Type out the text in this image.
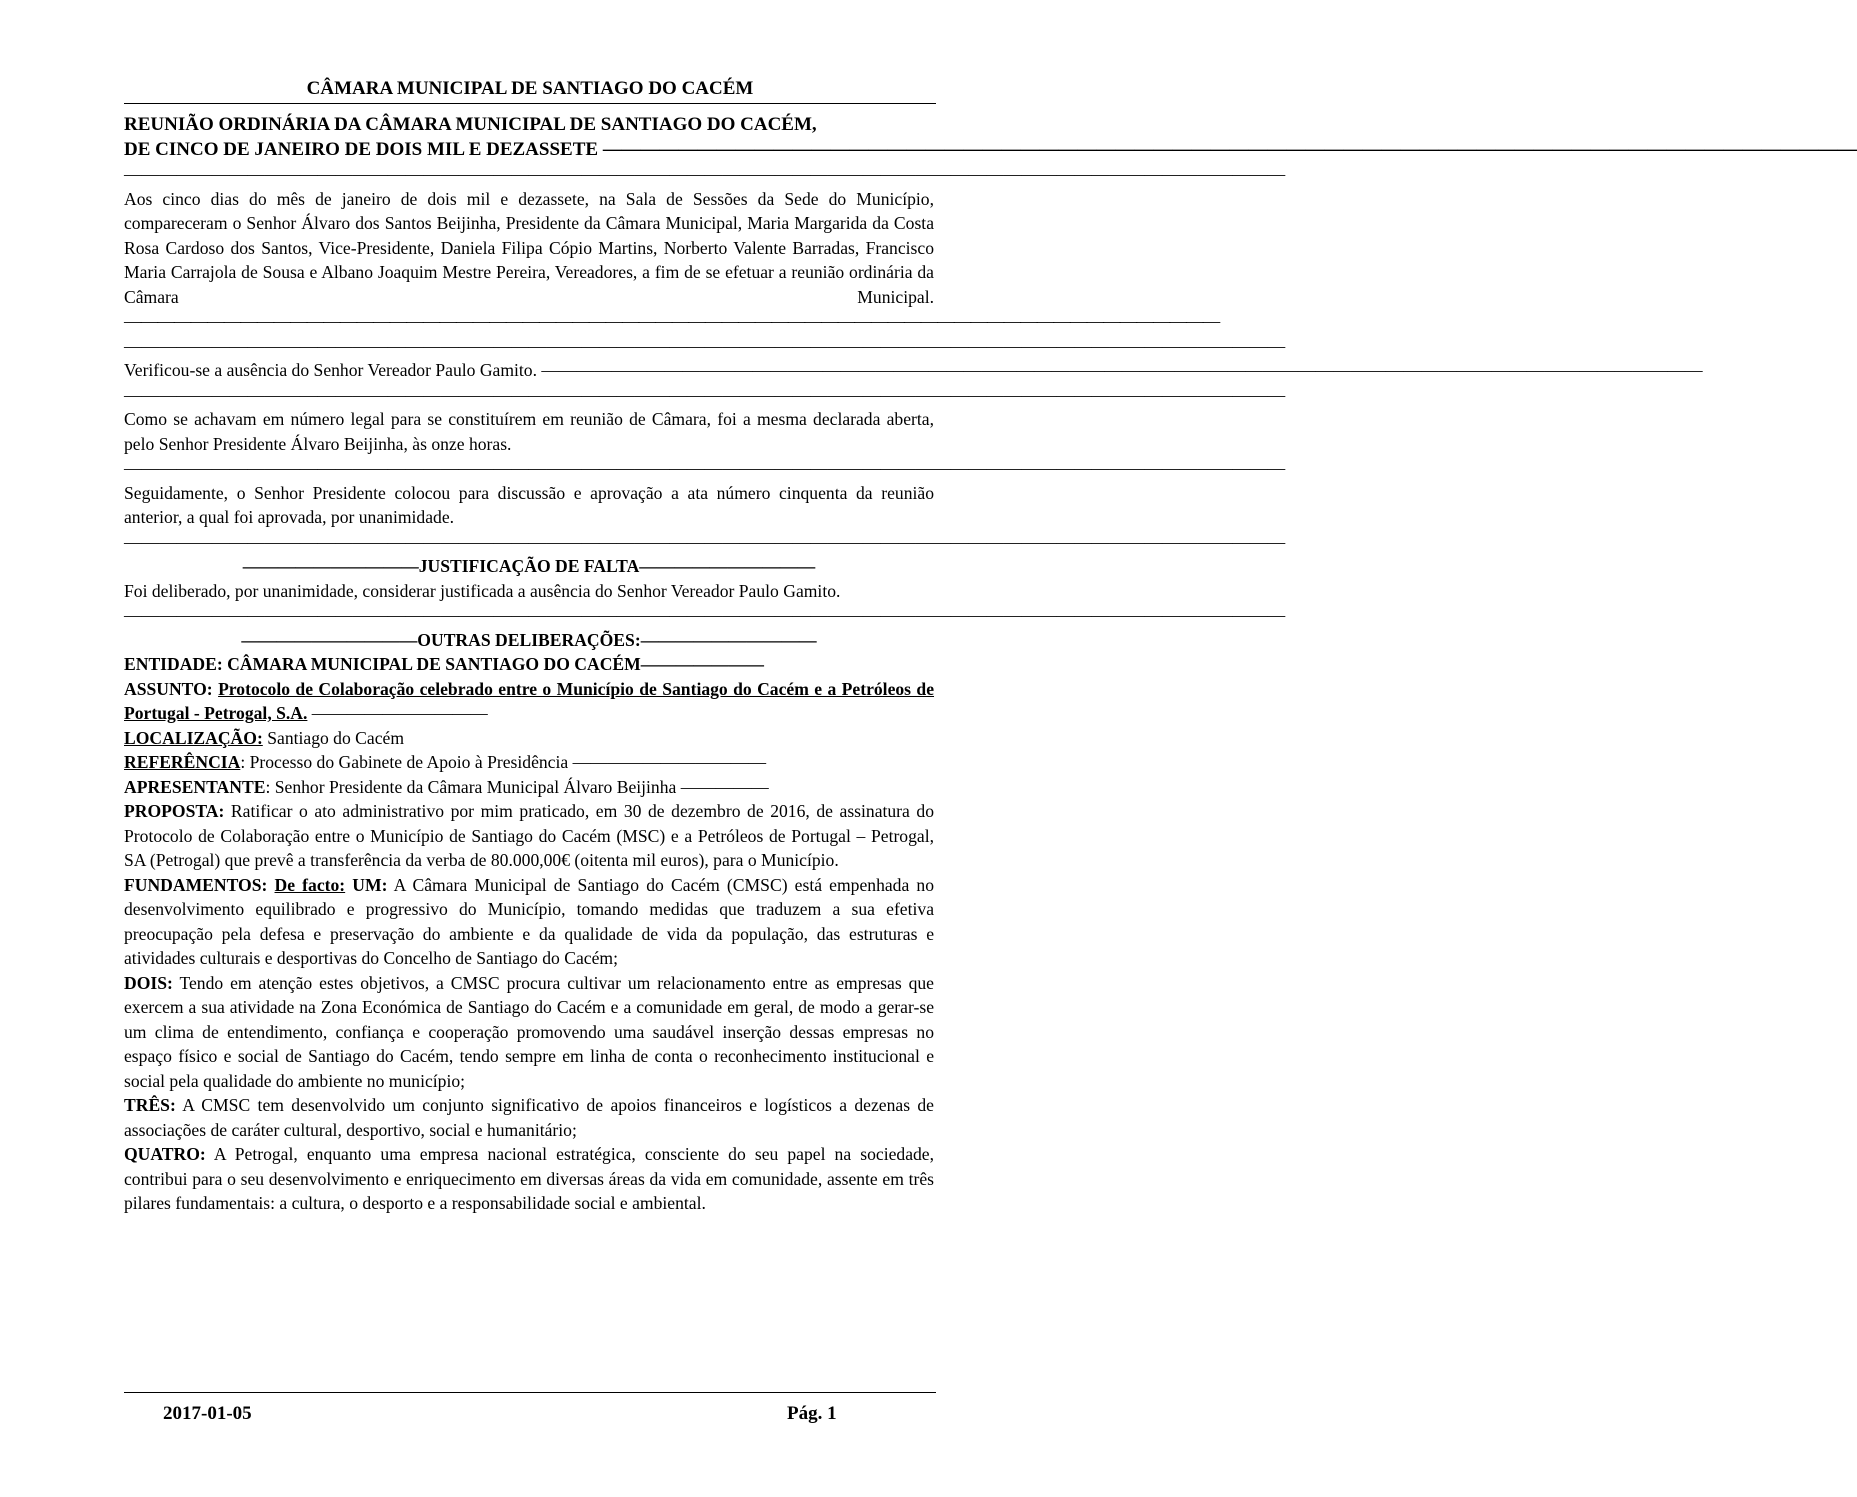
CÂMARA MUNICIPAL DE SANTIAGO DO CACÉM

REUNIÃO ORDINÁRIA DA CÂMARA MUNICIPAL DE SANTIAGO DO CACÉM,

DE CINCO DE JANEIRO DE DOIS MIL E DEZASSETE ——————————————————————————————————————————————————————————————————

——————————————————————————————————————————————————————————————————

Aos cinco dias do mês de janeiro de dois mil e dezassete, na Sala de Sessões da Sede do Município, compareceram o Senhor Álvaro dos Santos Beijinha, Presidente da Câmara Municipal, Maria Margarida da Costa Rosa Cardoso dos Santos, Vice-Presidente, Daniela Filipa Cópio Martins, Norberto Valente Barradas, Francisco Maria Carrajola de Sousa e Albano Joaquim Mestre Pereira, Vereadores, a fim de se efetuar a reunião ordinária da Câmara Municipal. ——————————————————————————————————————————————————————————————————

——————————————————————————————————————————————————————————————————

Verificou-se a ausência do Senhor Vereador Paulo Gamito. ——————————————————————————————————————————————————————————————————

——————————————————————————————————————————————————————————————————

Como se achavam em número legal para se constituírem em reunião de Câmara, foi a mesma declarada aberta, pelo Senhor Presidente Álvaro Beijinha, às onze horas.

——————————————————————————————————————————————————————————————————

Seguidamente, o Senhor Presidente colocou para discussão e aprovação a ata número cinquenta da reunião anterior, a qual foi aprovada, por unanimidade.

——————————————————————————————————————————————————————————————————
——————————JUSTIFICAÇÃO DE FALTA——————————

Foi deliberado, por unanimidade, considerar justificada a ausência do Senhor Vereador Paulo Gamito.

——————————————————————————————————————————————————————————————————
——————————OUTRAS DELIBERAÇÕES:——————————

ENTIDADE: CÂMARA MUNICIPAL DE SANTIAGO DO CACÉM———————

ASSUNTO: Protocolo de Colaboração celebrado entre o Município de Santiago do Cacém e a Petróleos de Portugal - Petrogal, S.A. ——————————

LOCALIZAÇÃO: Santiago do Cacém

REFERÊNCIA: Processo do Gabinete de Apoio à Presidência ———————————

APRESENTANTE: Senhor Presidente da Câmara Municipal Álvaro Beijinha —————

PROPOSTA: Ratificar o ato administrativo por mim praticado, em 30 de dezembro de 2016, de assinatura do Protocolo de Colaboração entre o Município de Santiago do Cacém (MSC) e a Petróleos de Portugal – Petrogal, SA (Petrogal) que prevê a transferência da verba de 80.000,00€ (oitenta mil euros), para o Município.

FUNDAMENTOS: De facto: UM: A Câmara Municipal de Santiago do Cacém (CMSC) está empenhada no desenvolvimento equilibrado e progressivo do Município, tomando medidas que traduzem a sua efetiva preocupação pela defesa e preservação do ambiente e da qualidade de vida da população, das estruturas e atividades culturais e desportivas do Concelho de Santiago do Cacém;

DOIS: Tendo em atenção estes objetivos, a CMSC procura cultivar um relacionamento entre as empresas que exercem a sua atividade na Zona Económica de Santiago do Cacém e a comunidade em geral, de modo a gerar-se um clima de entendimento, confiança e cooperação promovendo uma saudável inserção dessas empresas no espaço físico e social de Santiago do Cacém, tendo sempre em linha de conta o reconhecimento institucional e social pela qualidade do ambiente no município;

TRÊS: A CMSC tem desenvolvido um conjunto significativo de apoios financeiros e logísticos a dezenas de associações de caráter cultural, desportivo, social e humanitário;

QUATRO: A Petrogal, enquanto uma empresa nacional estratégica, consciente do seu papel na sociedade, contribui para o seu desenvolvimento e enriquecimento em diversas áreas da vida em comunidade, assente em três pilares fundamentais: a cultura, o desporto e a responsabilidade social e ambiental.

2017-01-05	Pág. 1
